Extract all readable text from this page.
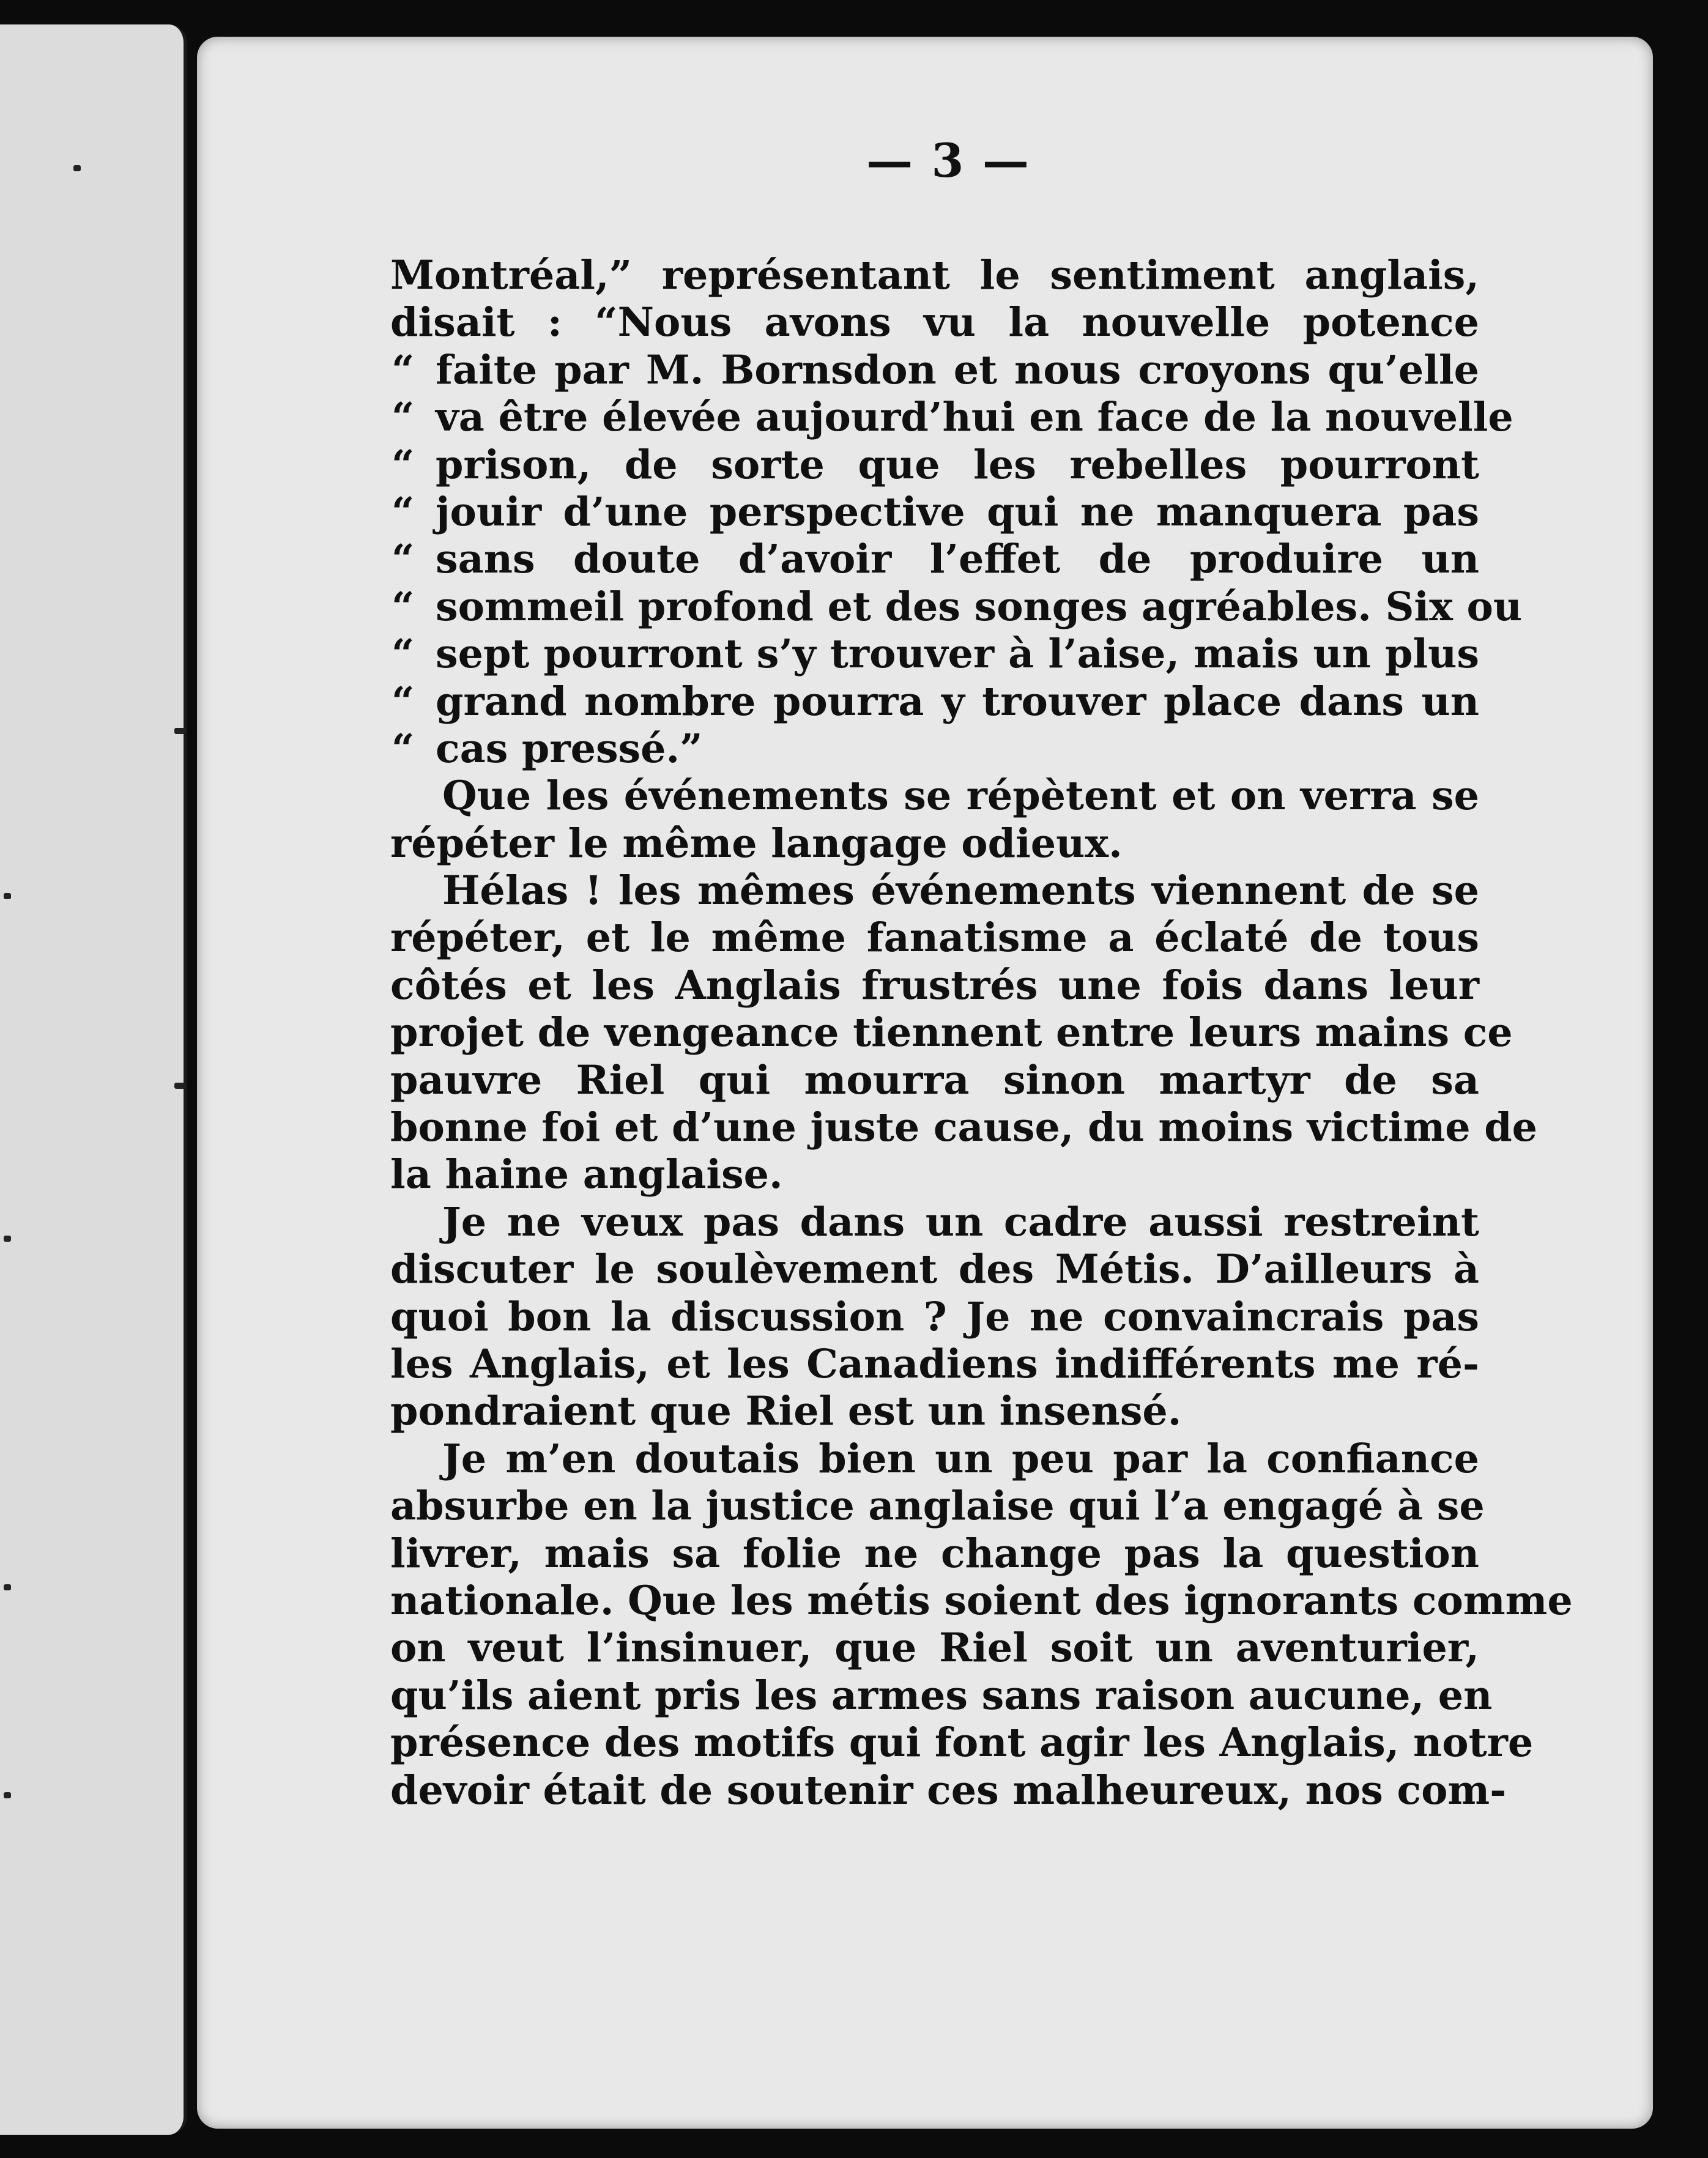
— 3 —
Montréal,” représentant le sentiment anglais,
disait : “Nous avons vu la nouvelle potence
“ faite par M. Bornsdon et nous croyons qu’elle
“ va être élevée aujourd’hui en face de la nouvelle
“ prison, de sorte que les rebelles pourront
“ jouir d’une perspective qui ne manquera pas
“ sans doute d’avoir l’effet de produire un
“ sommeil profond et des songes agréables. Six ou
“ sept pourront s’y trouver à l’aise, mais un plus
“ grand nombre pourra y trouver place dans un
“ cas pressé.”
Que les événements se répètent et on verra se
répéter le même langage odieux.
Hélas ! les mêmes événements viennent de se
répéter, et le même fanatisme a éclaté de tous
côtés et les Anglais frustrés une fois dans leur
projet de vengeance tiennent entre leurs mains ce
pauvre Riel qui mourra sinon martyr de sa
bonne foi et d’une juste cause, du moins victime de
la haine anglaise.
Je ne veux pas dans un cadre aussi restreint
discuter le soulèvement des Métis. D’ailleurs à
quoi bon la discussion ? Je ne convaincrais pas
les Anglais, et les Canadiens indifférents me ré-
pondraient que Riel est un insensé.
Je m’en doutais bien un peu par la confiance
absurbe en la justice anglaise qui l’a engagé à se
livrer, mais sa folie ne change pas la question
nationale. Que les métis soient des ignorants comme
on veut l’insinuer, que Riel soit un aventurier,
qu’ils aient pris les armes sans raison aucune, en
présence des motifs qui font agir les Anglais, notre
devoir était de soutenir ces malheureux, nos com-
